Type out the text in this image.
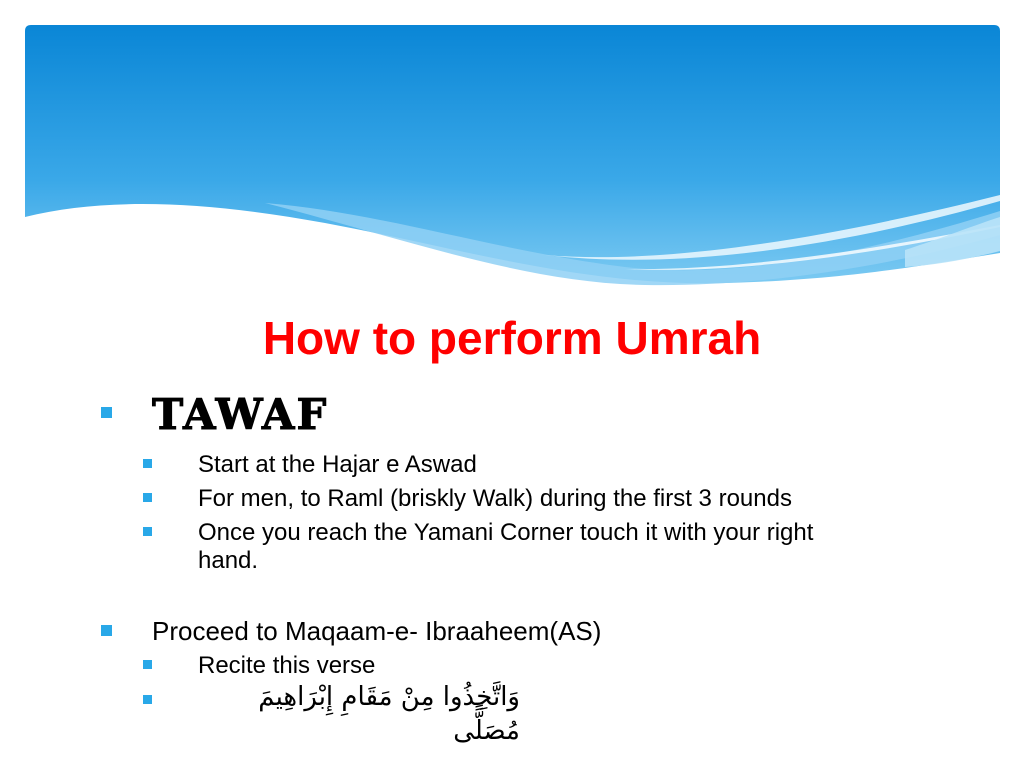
How to perform Umrah
TAWAF
Start at the Hajar e Aswad
For men, to Raml (briskly Walk) during the first 3 rounds
Once you reach the Yamani Corner touch it with your right
hand.
Proceed to Maqaam-e- Ibraaheem(AS)
Recite this verse
وَاتَّخِذُوا مِنْ مَقَامِ إِبْرَاهِيمَ مُصَلًّى
